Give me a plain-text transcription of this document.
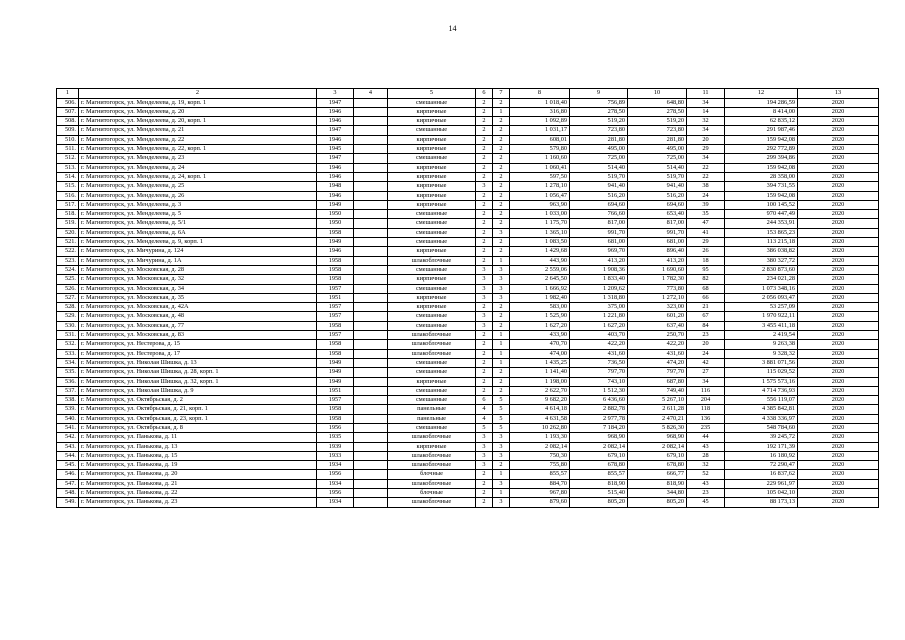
14
1	2	3	4	5	6	7	8	9	10	11	12	13
506.	г. Магнитогорск, ул. Менделеева, д. 19, корп. 1	1947		смешанные	2	2	1 018,40	756,89	648,80	34	194 286,59	2020
507.	г. Магнитогорск, ул. Менделеева, д. 20	1946		кирпичные	2	1	316,80	278,50	278,50	14	8 414,00	2020
508.	г. Магнитогорск, ул. Менделеева, д. 20, корп. 1	1946		кирпичные	2	2	1 092,89	519,20	519,20	32	62 835,12	2020
509.	г. Магнитогорск, ул. Менделеева, д. 21	1947		смешанные	2	2	1 031,17	723,80	723,80	34	291 987,46	2020
510.	г. Магнитогорск, ул. Менделеева, д. 22	1946		кирпичные	2	2	608,01	281,80	281,80	20	159 942,08	2020
511.	г. Магнитогорск, ул. Менделеева, д. 22, корп. 1	1945		кирпичные	2	2	579,80	495,00	495,00	29	292 772,89	2020
512.	г. Магнитогорск, ул. Менделеева, д. 23	1947		смешанные	2	2	1 160,60	725,00	725,00	34	299 394,86	2020
513.	г. Магнитогорск, ул. Менделеева, д. 24	1946		кирпичные	2	2	1 060,41	514,40	514,40	22	159 942,08	2020
514.	г. Магнитогорск, ул. Менделеева, д. 24, корп. 1	1946		кирпичные	2	2	597,50	519,70	519,70	22	28 358,00	2020
515.	г. Магнитогорск, ул. Менделеева, д. 25	1948		кирпичные	3	2	1 278,10	941,40	941,40	38	394 731,55	2020
516.	г. Магнитогорск, ул. Менделеева, д. 26	1946		кирпичные	2	2	1 056,47	516,20	516,20	24	159 942,08	2020
517.	г. Магнитогорск, ул. Менделеева, д. 3	1949		кирпичные	2	2	963,90	694,60	694,60	39	100 145,52	2020
518.	г. Магнитогорск, ул. Менделеева, д. 5	1950		смешанные	2	2	1 033,00	766,60	653,40	35	970 447,49	2020
519.	г. Магнитогорск, ул. Менделеева, д. 5/1	1950		смешанные	2	2	1 175,70	817,00	817,00	47	244 353,91	2020
520.	г. Магнитогорск, ул. Менделеева, д. 6А	1958		смешанные	2	3	1 365,10	991,70	991,70	41	153 865,23	2020
521.	г. Магнитогорск, ул. Менделеева, д. 9, корп. 1	1949		смешанные	2	2	1 083,50	681,00	681,00	29	113 215,18	2020
522.	г. Магнитогорск, ул. Мичурина, д. 124	1946		кирпичные	2	2	1 429,68	969,70	896,40	26	386 038,82	2020
523.	г. Магнитогорск, ул. Мичурина, д. 1А	1958		шлакоблочные	2	1	443,90	413,20	413,20	18	380 327,72	2020
524.	г. Магнитогорск, ул. Московская, д. 28	1958		смешанные	3	3	2 559,06	1 908,36	1 690,60	95	2 830 873,60	2020
525.	г. Магнитогорск, ул. Московская, д. 32	1958		кирпичные	3	3	2 645,50	1 833,40	1 782,30	82	234 021,28	2020
526.	г. Магнитогорск, ул. Московская, д. 34	1957		смешанные	3	3	1 666,92	1 209,62	773,80	68	1 073 348,16	2020
527.	г. Магнитогорск, ул. Московская, д. 35	1951		кирпичные	3	3	1 982,40	1 318,80	1 272,10	66	2 056 093,47	2020
528.	г. Магнитогорск, ул. Московская, д. 42А	1957		кирпичные	2	2	583,00	375,00	323,00	21	53 257,09	2020
529.	г. Магнитогорск, ул. Московская, д. 48	1957		смешанные	3	2	1 525,90	1 221,80	601,20	67	1 970 922,11	2020
530.	г. Магнитогорск, ул. Московская, д. 77	1958		смешанные	3	2	1 627,20	1 627,20	637,40	84	3 455 411,18	2020
531.	г. Магнитогорск, ул. Московская, д. 83	1957		шлакоблочные	2	1	433,90	403,70	250,70	23	2 419,54	2020
532.	г. Магнитогорск, ул. Нестерова, д. 15	1958		шлакоблочные	2	1	470,70	422,20	422,20	20	9 263,38	2020
533.	г. Магнитогорск, ул. Нестерова, д. 17	1958		шлакоблочные	2	1	474,00	431,60	431,60	24	9 328,32	2020
534.	г. Магнитогорск, ул. Николая Шишка, д. 13	1949		смешанные	2	1	1 435,25	736,50	474,20	42	3 881 071,56	2020
535.	г. Магнитогорск, ул. Николая Шишка, д. 28, корп. 1	1949		смешанные	2	2	1 141,40	797,70	797,70	27	115 029,52	2020
536.	г. Магнитогорск, ул. Николая Шишка, д. 32, корп. 1	1949		кирпичные	2	2	1 198,00	743,10	687,80	34	1 575 573,16	2020
537.	г. Магнитогорск, ул. Николая Шишка, д. 9	1951		смешанные	2	2	2 622,70	1 512,30	749,40	116	4 714 736,93	2020
538.	г. Магнитогорск, ул. Октябрьская, д. 2	1957		смешанные	6	5	9 682,20	6 436,60	5 267,10	204	556 119,07	2020
539.	г. Магнитогорск, ул. Октябрьская, д. 21, корп. 1	1958		панельные	4	5	4 614,18	2 882,78	2 611,28	118	4 385 842,81	2020
540.	г. Магнитогорск, ул. Октябрьская, д. 23, корп. 1	1958		панельные	4	5	4 631,58	2 977,78	2 470,21	136	4 338 336,97	2020
541.	г. Магнитогорск, ул. Октябрьская, д. 8	1956		смешанные	5	5	10 262,80	7 184,20	5 826,30	235	548 784,60	2020
542.	г. Магнитогорск, ул. Панькова, д. 11	1935		шлакоблочные	3	3	1 193,30	968,90	968,90	44	39 245,72	2020
543.	г. Магнитогорск, ул. Панькова, д. 13	1939		кирпичные	3	3	2 082,14	2 082,14	2 082,14	43	192 171,39	2020
544.	г. Магнитогорск, ул. Панькова, д. 15	1933		шлакоблочные	3	3	750,30	679,10	679,10	28	16 180,92	2020
545.	г. Магнитогорск, ул. Панькова, д. 19	1934		шлакоблочные	3	2	755,80	678,80	678,80	32	72 290,47	2020
546.	г. Магнитогорск, ул. Панькова, д. 20	1956		блочные	2	1	855,57	855,57	666,77	52	16 837,62	2020
547.	г. Магнитогорск, ул. Панькова, д. 21	1934		шлакоблочные	2	3	884,70	818,90	818,90	43	229 961,97	2020
548.	г. Магнитогорск, ул. Панькова, д. 22	1956		блочные	2	1	967,80	515,40	344,80	23	105 042,10	2020
549.	г. Магнитогорск, ул. Панькова, д. 23	1934		шлакоблочные	2	3	879,60	805,20	805,20	45	88 173,13	2020
